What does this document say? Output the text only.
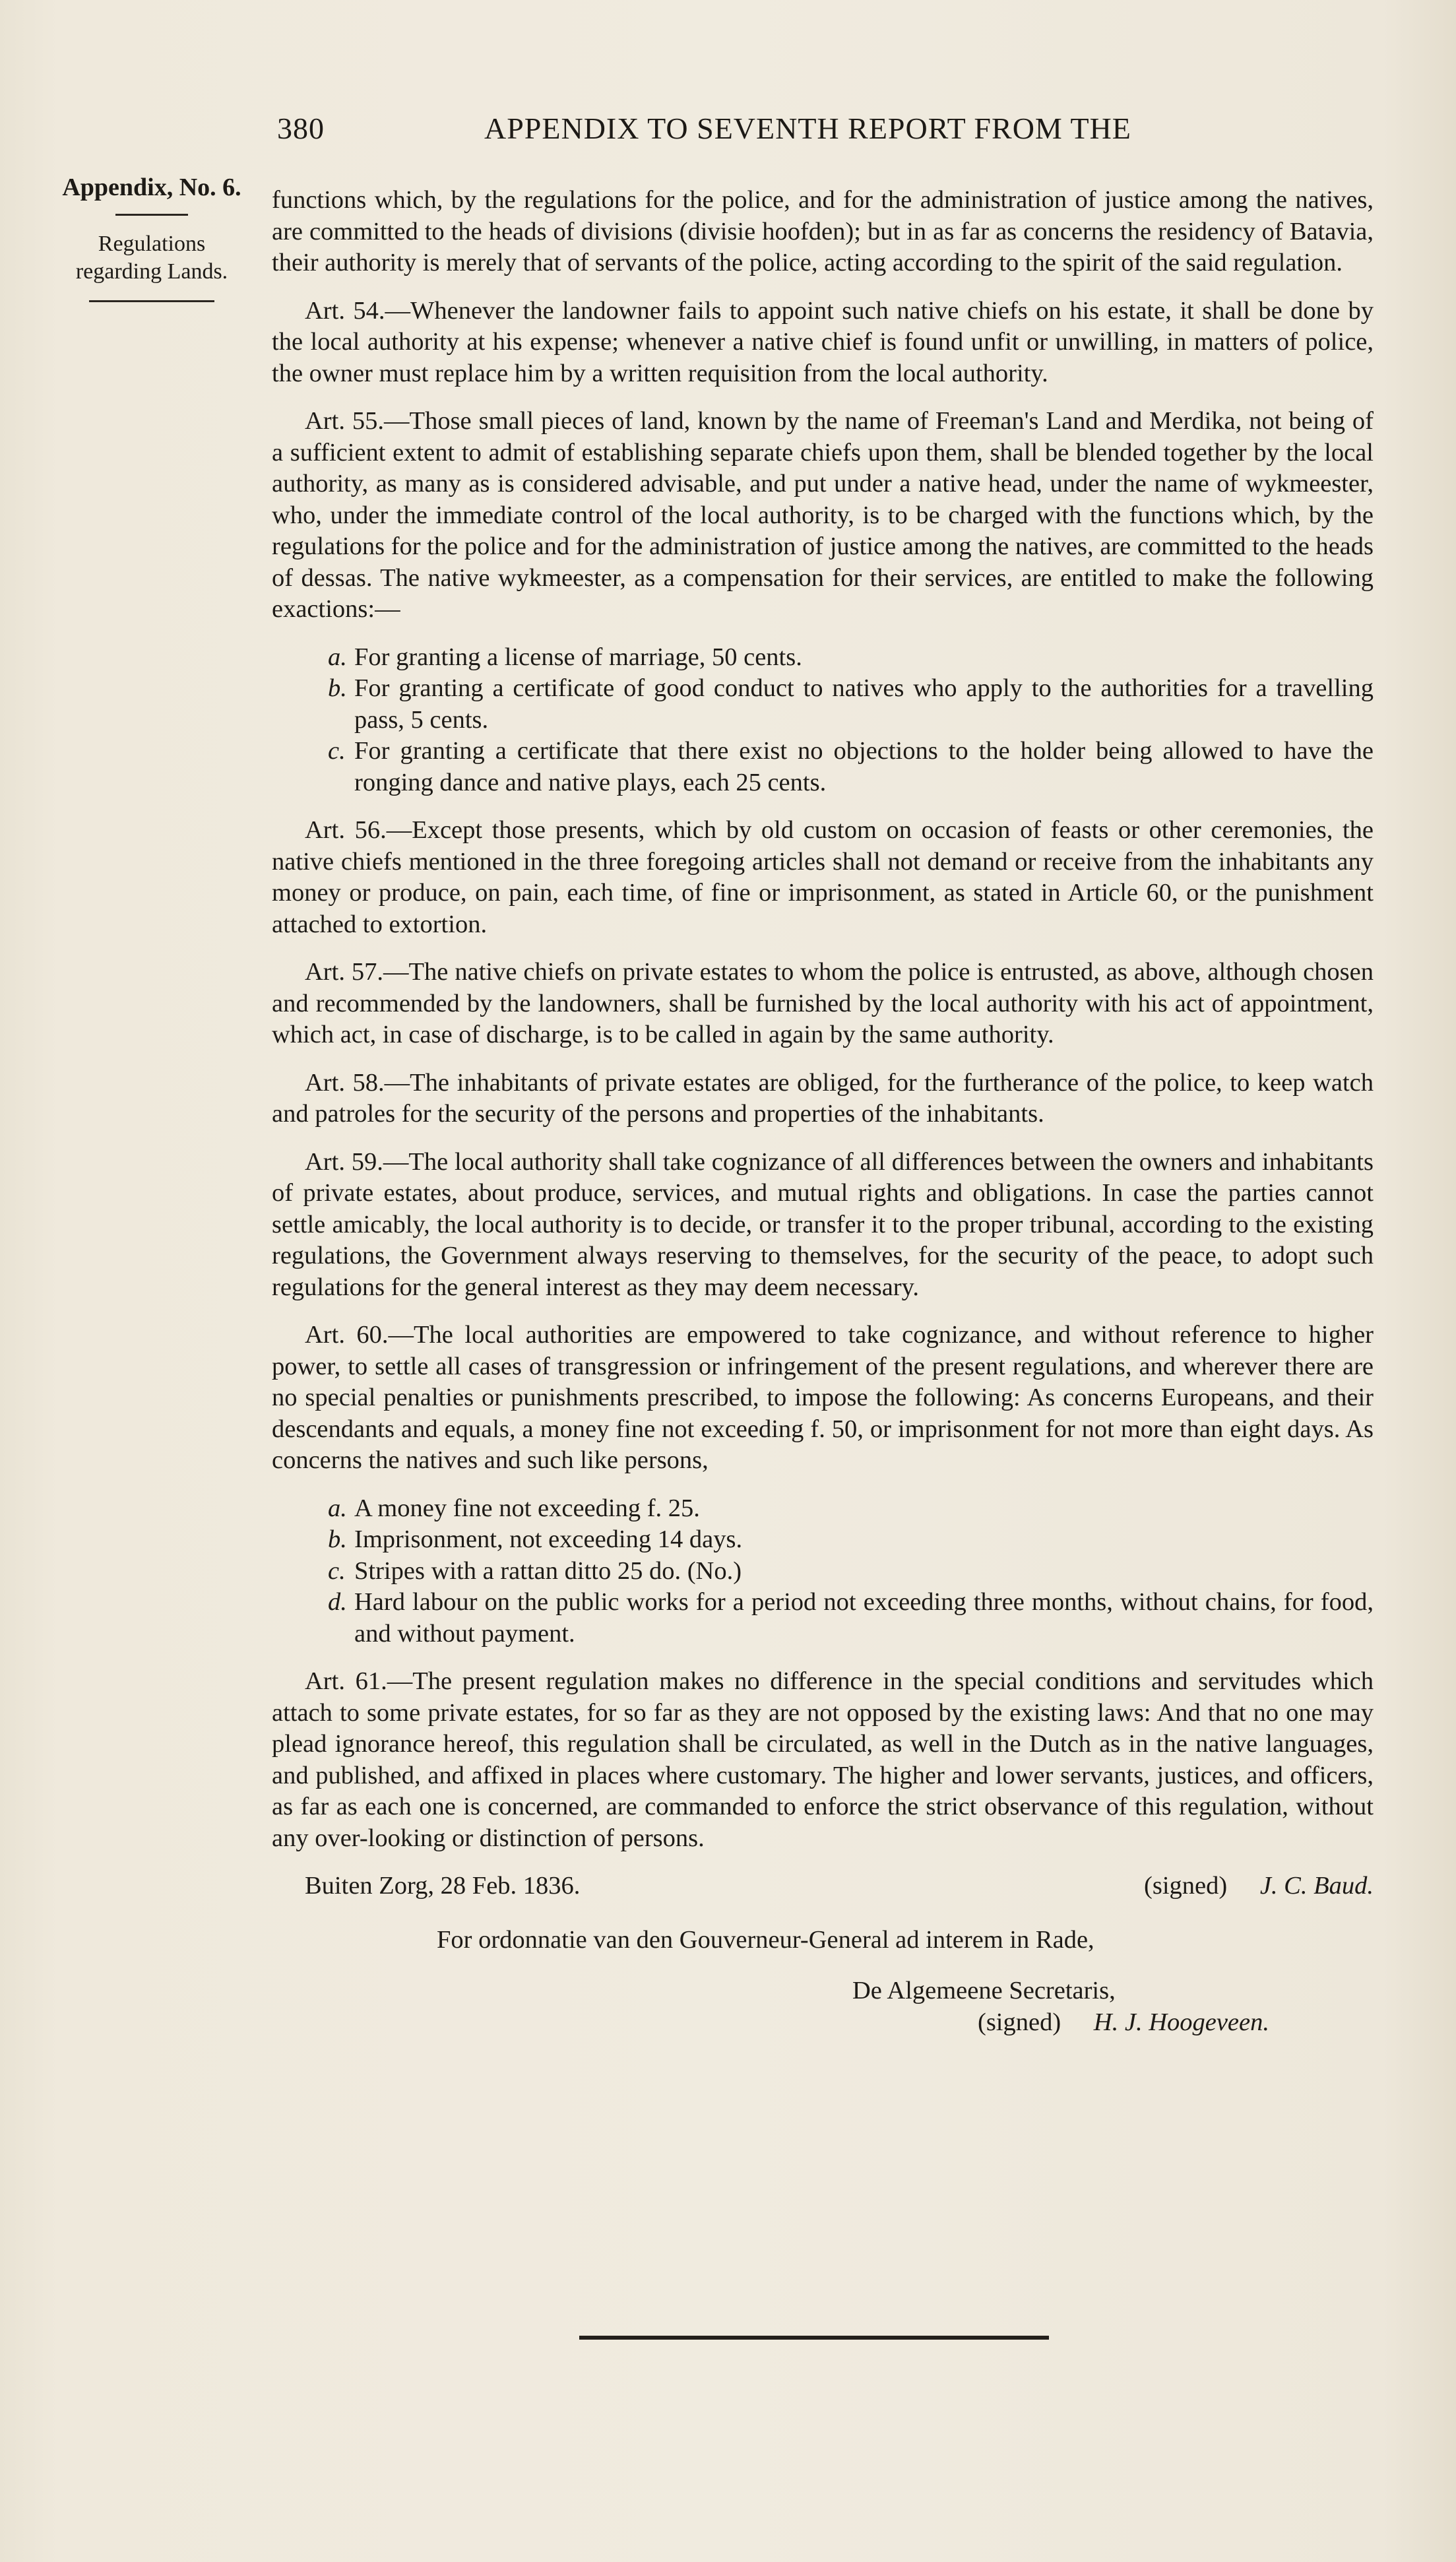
380	APPENDIX TO SEVENTH REPORT FROM THE

Appendix, No. 6.

Regulations

regarding Lands.

functions which, by the regulations for the police, and for the administration of justice among the natives, are committed to the heads of divisions (divisie hoofden); but in as far as concerns the residency of Batavia, their authority is merely that of servants of the police, acting according to the spirit of the said regulation.

Art. 54.—Whenever the landowner fails to appoint such native chiefs on his estate, it shall be done by the local authority at his expense; whenever a native chief is found unfit or unwilling, in matters of police, the owner must replace him by a written requisition from the local authority.

Art. 55.—Those small pieces of land, known by the name of Freeman's Land and Merdika, not being of a sufficient extent to admit of establishing separate chiefs upon them, shall be blended together by the local authority, as many as is considered advisable, and put under a native head, under the name of wykmeester, who, under the immediate control of the local authority, is to be charged with the functions which, by the regulations for the police and for the administration of justice among the natives, are committed to the heads of dessas. The native wykmeester, as a compensation for their services, are entitled to make the following exactions:—

a. For granting a license of marriage, 50 cents.
b. For granting a certificate of good conduct to natives who apply to the authorities for a travelling pass, 5 cents.
c. For granting a certificate that there exist no objections to the holder being allowed to have the ronging dance and native plays, each 25 cents.

Art. 56.—Except those presents, which by old custom on occasion of feasts or other ceremonies, the native chiefs mentioned in the three foregoing articles shall not demand or receive from the inhabitants any money or produce, on pain, each time, of fine or imprisonment, as stated in Article 60, or the punishment attached to extortion.

Art. 57.—The native chiefs on private estates to whom the police is entrusted, as above, although chosen and recommended by the landowners, shall be furnished by the local authority with his act of appointment, which act, in case of discharge, is to be called in again by the same authority.

Art. 58.—The inhabitants of private estates are obliged, for the furtherance of the police, to keep watch and patroles for the security of the persons and properties of the inhabitants.

Art. 59.—The local authority shall take cognizance of all differences between the owners and inhabitants of private estates, about produce, services, and mutual rights and obligations. In case the parties cannot settle amicably, the local authority is to decide, or transfer it to the proper tribunal, according to the existing regulations, the Government always reserving to themselves, for the security of the peace, to adopt such regulations for the general interest as they may deem necessary.

Art. 60.—The local authorities are empowered to take cognizance, and without reference to higher power, to settle all cases of transgression or infringement of the present regulations, and wherever there are no special penalties or punishments prescribed, to impose the following: As concerns Europeans, and their descendants and equals, a money fine not exceeding f. 50, or imprisonment for not more than eight days. As concerns the natives and such like persons,

a. A money fine not exceeding f. 25.
b. Imprisonment, not exceeding 14 days.
c. Stripes with a rattan ditto 25 do. (No.)
d. Hard labour on the public works for a period not exceeding three months, without chains, for food, and without payment.

Art. 61.—The present regulation makes no difference in the special conditions and servitudes which attach to some private estates, for so far as they are not opposed by the existing laws: And that no one may plead ignorance hereof, this regulation shall be circulated, as well in the Dutch as in the native languages, and published, and affixed in places where customary. The higher and lower servants, justices, and officers, as far as each one is concerned, are commanded to enforce the strict observance of this regulation, without any over-looking or distinction of persons.

Buiten Zorg, 28 Feb. 1836.	(signed) J. C. Baud.
For ordonnatie van den Gouverneur-General ad interem in Rade,
De Algemeene Secretaris,
(signed) H. J. Hoogeveen.
